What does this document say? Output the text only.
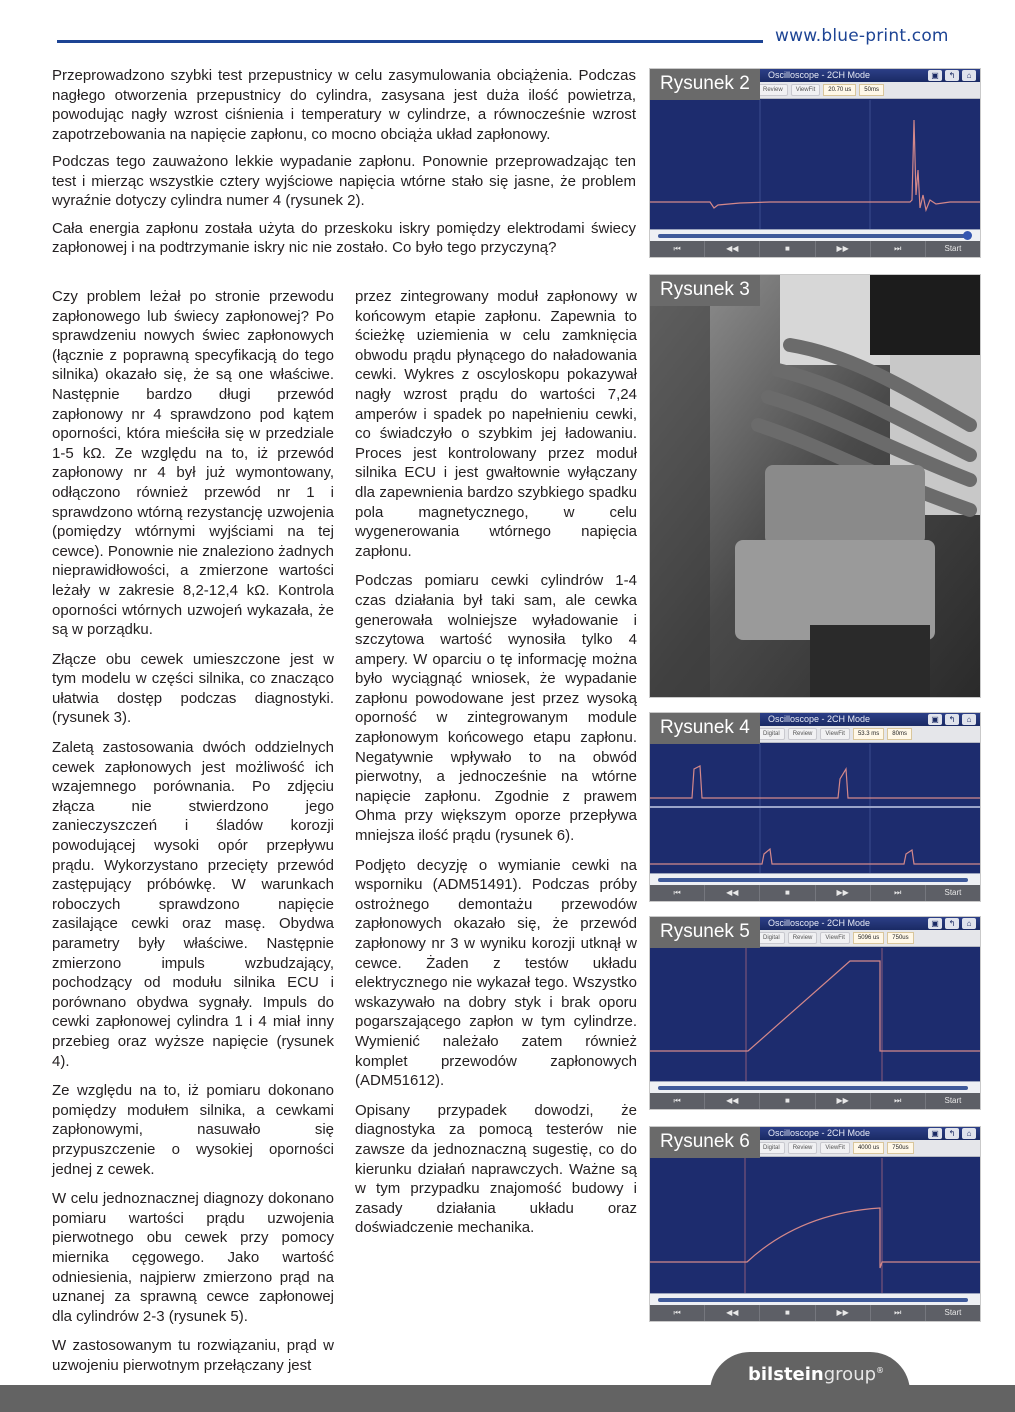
www.blue-print.com

Przeprowadzono szybki test przepustnicy w celu zasymulowania obciążenia. Podczas nagłego otworzenia przepustnicy do cylindra, zasysana jest duża ilość powietrza, powodując nagły wzrost ciśnienia i temperatury w cylindrze, a równocześnie wzrost zapotrzebowania na napięcie zapłonu, co mocno obciąża układ zapłonowy.

Podczas tego zauważono lekkie wypadanie zapłonu. Ponownie przeprowadzając ten test i mierząc wszystkie cztery wyjściowe napięcia wtórne stało się jasne, że problem wyraźnie dotyczy cylindra numer 4 (rysunek 2).

Cała energia zapłonu została użyta do przeskoku iskry pomiędzy elektrodami świecy zapłonowej i na podtrzymanie iskry nic nie zostało. Co było tego przyczyną?

Czy problem leżał po stronie przewodu zapłonowego lub świecy zapłonowej? Po sprawdzeniu nowych świec zapłonowych (łącznie z poprawną specyfikacją do tego silnika) okazało się, że są one właściwe. Następnie bardzo długi przewód zapłonowy nr 4 sprawdzono pod kątem oporności, która mieściła się w przedziale 1-5 kΩ. Ze względu na to, iż przewód zapłonowy nr 4 był już wymontowany, odłączono również przewód nr 1 i sprawdzono wtórną rezystancję uzwojenia (pomiędzy wtórnymi wyjściami na tej cewce). Ponownie nie znaleziono żadnych nieprawidłowości, a zmierzone wartości leżały w zakresie 8,2-12,4 kΩ. Kontrola oporności wtórnych uzwojeń wykazała, że są w porządku.

Złącze obu cewek umieszczone jest w tym modelu w części silnika, co znacząco ułatwia dostęp podczas diagnostyki. (rysunek 3).

Zaletą zastosowania dwóch oddzielnych cewek zapłonowych jest możliwość ich wzajemnego porównania. Po zdjęciu złącza nie stwierdzono jego zanieczyszczeń i śladów korozji powodującej wysoki opór przepływu prądu. Wykorzystano przecięty przewód zastępujący próbówkę. W warunkach roboczych sprawdzono napięcie zasilające cewki oraz masę. Obydwa parametry były właściwe. Następnie zmierzono impuls wzbudzający, pochodzący od modułu silnika ECU i porównano obydwa sygnały. Impuls do cewki zapłonowej cylindra 1 i 4 miał inny przebieg oraz wyższe napięcie (rysunek 4).

Ze względu na to, iż pomiaru dokonano pomiędzy modułem silnika, a cewkami zapłonowymi, nasuwało się przypuszczenie o wysokiej oporności jednej z cewek.

W celu jednoznacznej diagnozy dokonano pomiaru wartości prądu uzwojenia pierwotnego obu cewek przy pomocy miernika cęgowego. Jako wartość odniesienia, najpierw zmierzono prąd na uznanej za sprawną cewce zapłonowej dla cylindrów 2-3 (rysunek 5).

W zastosowanym tu rozwiązaniu, prąd w uzwojeniu pierwotnym przełączany jest

przez zintegrowany moduł zapłonowy w końcowym etapie zapłonu. Zapewnia to ścieżkę uziemienia w celu zamknięcia obwodu prądu płynącego do naładowania cewki. Wykres z oscyloskopu pokazywał nagły wzrost prądu do wartości 7,24 amperów i spadek po napełnieniu cewki, co świadczyło o szybkim jej ładowaniu. Proces jest kontrolowany przez moduł silnika ECU i jest gwałtownie wyłączany dla zapewnienia bardzo szybkiego spadku pola magnetycznego, w celu wygenerowania wtórnego napięcia zapłonu.

Podczas pomiaru cewki cylindrów 1-4 czas działania był taki sam, ale cewka generowała wolniejsze wyładowanie i szczytowa wartość wynosiła tylko 4 ampery. W oparciu o tę informację można było wyciągnąć wniosek, że wypadanie zapłonu powodowane jest przez wysoką oporność w zintegrowanym module zapłonowym końcowego etapu zapłonu. Negatywnie wpływało to na obwód pierwotny, a jednocześnie na wtórne napięcie zapłonu. Zgodnie z prawem Ohma przy większym oporze przepływa mniejsza ilość prądu (rysunek 6).

Podjęto decyzję o wymianie cewki na wsporniku (ADM51491). Podczas próby ostrożnego demontażu przewodów zapłonowych okazało się, że przewód zapłonowy nr 3 w wyniku korozji utknął w cewce. Żaden z testów układu elektrycznego nie wykazał tego. Wszystko wskazywało na dobry styk i brak oporu pogarszającego zapłon w tym cylindrze. Wymienić należało zatem również komplet przewodów zapłonowych (ADM51612).

Opisany przypadek dowodzi, że diagnostyka za pomocą testerów nie zawsze da jednoznaczną sugestię, co do kierunku działań naprawczych. Ważne są w tym przypadku znajomość budowy i zasady działania układu oraz doświadczenie mechanika.

Rysunek 2	Oscilloscope - 2CH Mode	▣	↰	⌂
Review	ViewFit	20.70 us	50ms
⏮	◀◀	■	▶▶	⏭	Start
Rysunek 3
Rysunek 4	Oscilloscope - 2CH Mode	▣	↰	⌂
Digital	Review	ViewFit	53.3 ms	80ms
⏮	◀◀	■	▶▶	⏭	Start
Rysunek 5	Oscilloscope - 2CH Mode	▣	↰	⌂
Digital	Review	ViewFit	5096 us	750us
⏮	◀◀	■	▶▶	⏭	Start
Rysunek 6	Oscilloscope - 2CH Mode	▣	↰	⌂
Digital	Review	ViewFit	4000 us	750us
⏮	◀◀	■	▶▶	⏭	Start
bilsteingroup®
